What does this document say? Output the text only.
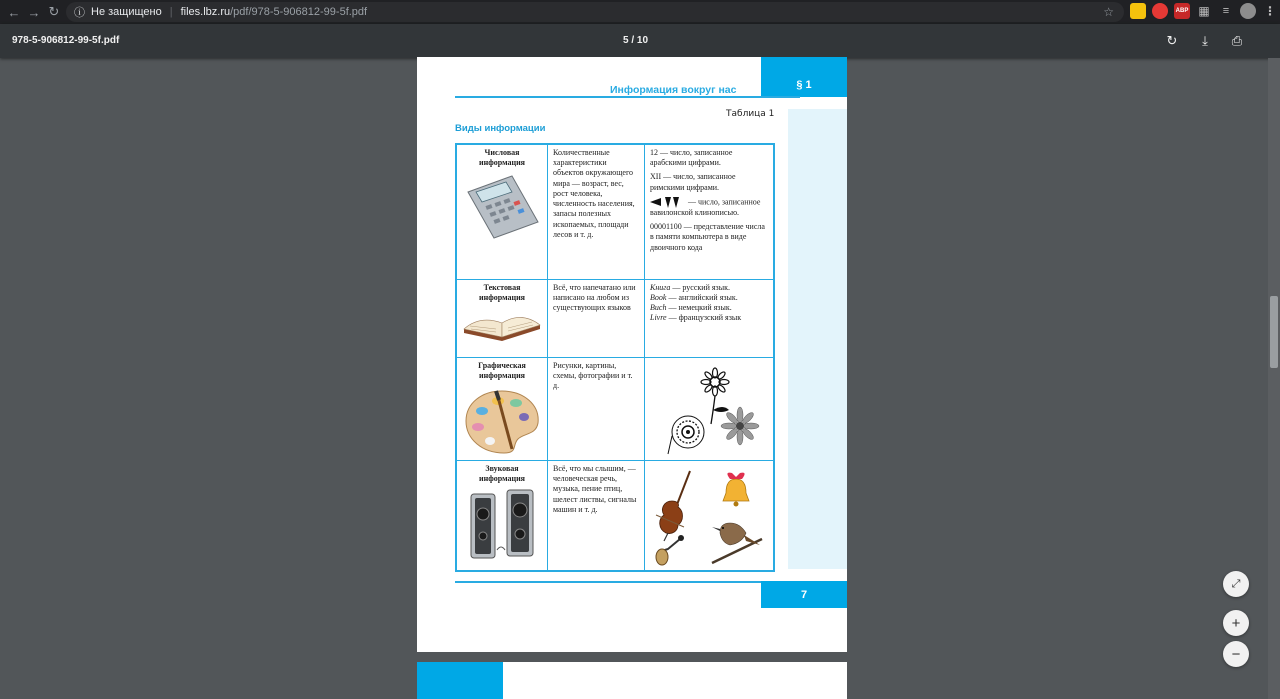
← → ↻	ⓘ Не защищено | files.lbz.ru /pdf/978-5-906812-99-5f.pdf	☆	ABP ▦	≡	⋮
978-5-906812-99-5f.pdf	5 / 10	↻	⤓	⎙
§ 1
Информация вокруг нас
Таблица 1
Виды информации
Числовая информация	Количественные характеристики объектов окружающего мира — возраст, вес, рост человека, численность населения, запасы полезных ископаемых, площади лесов и т. д.	12 — число, записанное арабскими цифрами.
XII — число, записанное римскими цифрами.
— число, записанное вавилонской клинописью.
00001100 — представление числа в памяти компьютера в виде двоичного кода

Текстовая информация	Всё, что напечатано или написано на любом из существующих языков	Книга — русский язык.
Book — английский язык.
Buch — немецкий язык.
Livre — французский язык

Графическая информация	Рисунки, картины, схемы, фотографии и т. д.	

Звуковая информация	Всё, что мы слышим, — человеческая речь, музыка, пение птиц, шелест листвы, сигналы машин и т. д.	
7
⤢
+
−
